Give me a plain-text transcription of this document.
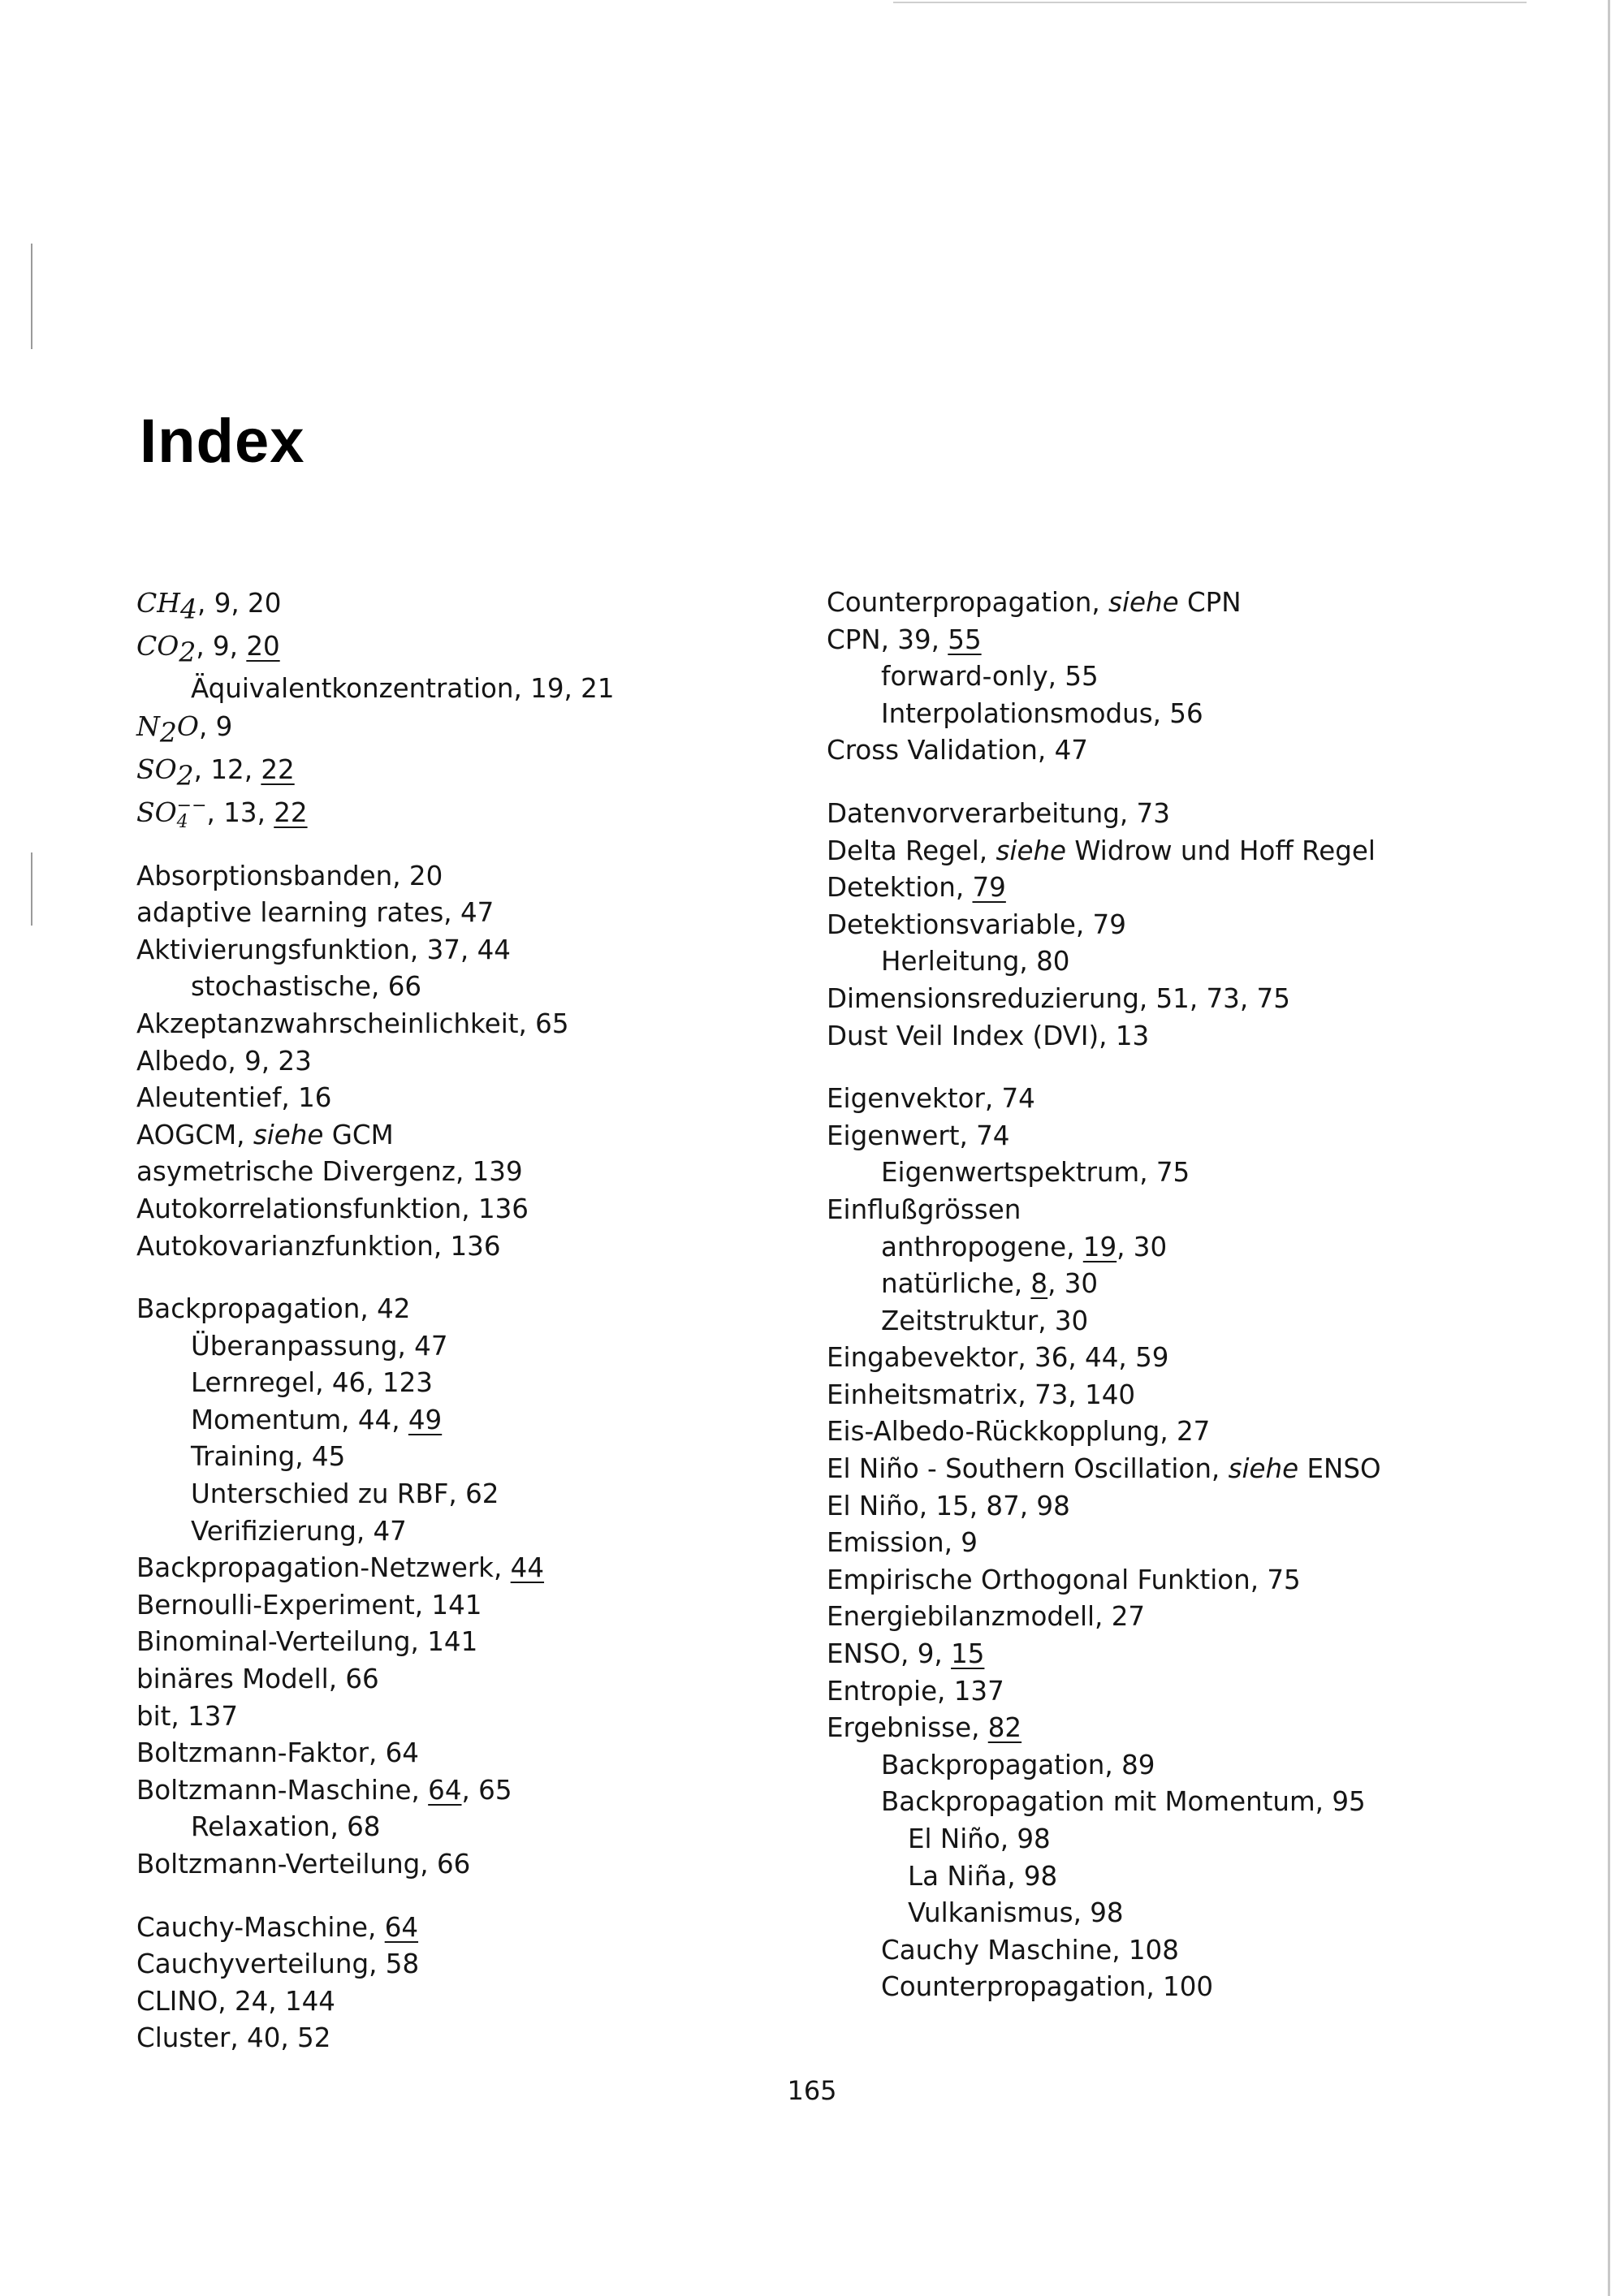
Index
$CH_4$, 9, 20
$CO_2$, 9, 20
Äquivalentkonzentration, 19, 21
$N_2O$, 9
$SO_2$, 12, 22
SO −−
4 , 13, 22
Absorptionsbanden, 20
adaptive learning rates, 47
Aktivierungsfunktion, 37, 44
stochastische, 66
Akzeptanzwahrscheinlichkeit, 65
Albedo, 9, 23
Aleutentief, 16
AOGCM, siehe GCM
asymetrische Divergenz, 139
Autokorrelationsfunktion, 136
Autokovarianzfunktion, 136
Backpropagation, 42
Überanpassung, 47
Lernregel, 46, 123
Momentum, 44, 49
Training, 45
Unterschied zu RBF, 62
Verifizierung, 47
Backpropagation-Netzwerk, 44
Bernoulli-Experiment, 141
Binominal-Verteilung, 141
binäres Modell, 66
bit, 137
Boltzmann-Faktor, 64
Boltzmann-Maschine, 64, 65
Relaxation, 68
Boltzmann-Verteilung, 66
Cauchy-Maschine, 64
Cauchyverteilung, 58
CLINO, 24, 144
Cluster, 40, 52
Counterpropagation, siehe CPN
CPN, 39, 55
forward-only, 55
Interpolationsmodus, 56
Cross Validation, 47
Datenvorverarbeitung, 73
Delta Regel, siehe Widrow und Hoff Regel
Detektion, 79
Detektionsvariable, 79
Herleitung, 80
Dimensionsreduzierung, 51, 73, 75
Dust Veil Index (DVI), 13
Eigenvektor, 74
Eigenwert, 74
Eigenwertspektrum, 75
Einflußgrössen
anthropogene, 19, 30
natürliche, 8, 30
Zeitstruktur, 30
Eingabevektor, 36, 44, 59
Einheitsmatrix, 73, 140
Eis-Albedo-Rückkopplung, 27
El Niño - Southern Oscillation, siehe ENSO
El Niño, 15, 87, 98
Emission, 9
Empirische Orthogonal Funktion, 75
Energiebilanzmodell, 27
ENSO, 9, 15
Entropie, 137
Ergebnisse, 82
Backpropagation, 89
Backpropagation mit Momentum, 95
El Niño, 98
La Niña, 98
Vulkanismus, 98
Cauchy Maschine, 108
Counterpropagation, 100
165
